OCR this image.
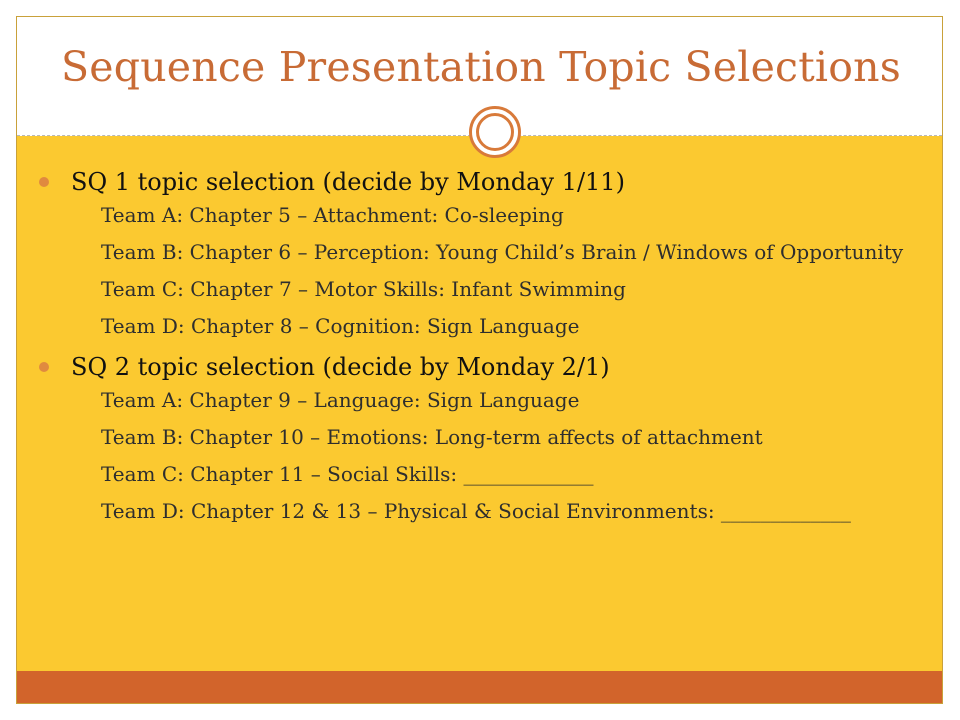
Sequence Presentation Topic Selections
SQ 1 topic selection (decide by Monday 1/11)
Team A: Chapter 5 – Attachment: Co-sleeping
Team B: Chapter 6 – Perception: Young Child’s Brain / Windows of Opportunity
Team C: Chapter 7 – Motor Skills: Infant Swimming
Team D: Chapter 8 – Cognition: Sign Language
SQ 2 topic selection (decide by Monday 2/1)
Team A: Chapter 9 – Language: Sign Language
Team B: Chapter 10 – Emotions: Long-term affects of attachment
Team C: Chapter 11 – Social Skills: _____________
Team D: Chapter 12 & 13 – Physical & Social Environments: _____________
